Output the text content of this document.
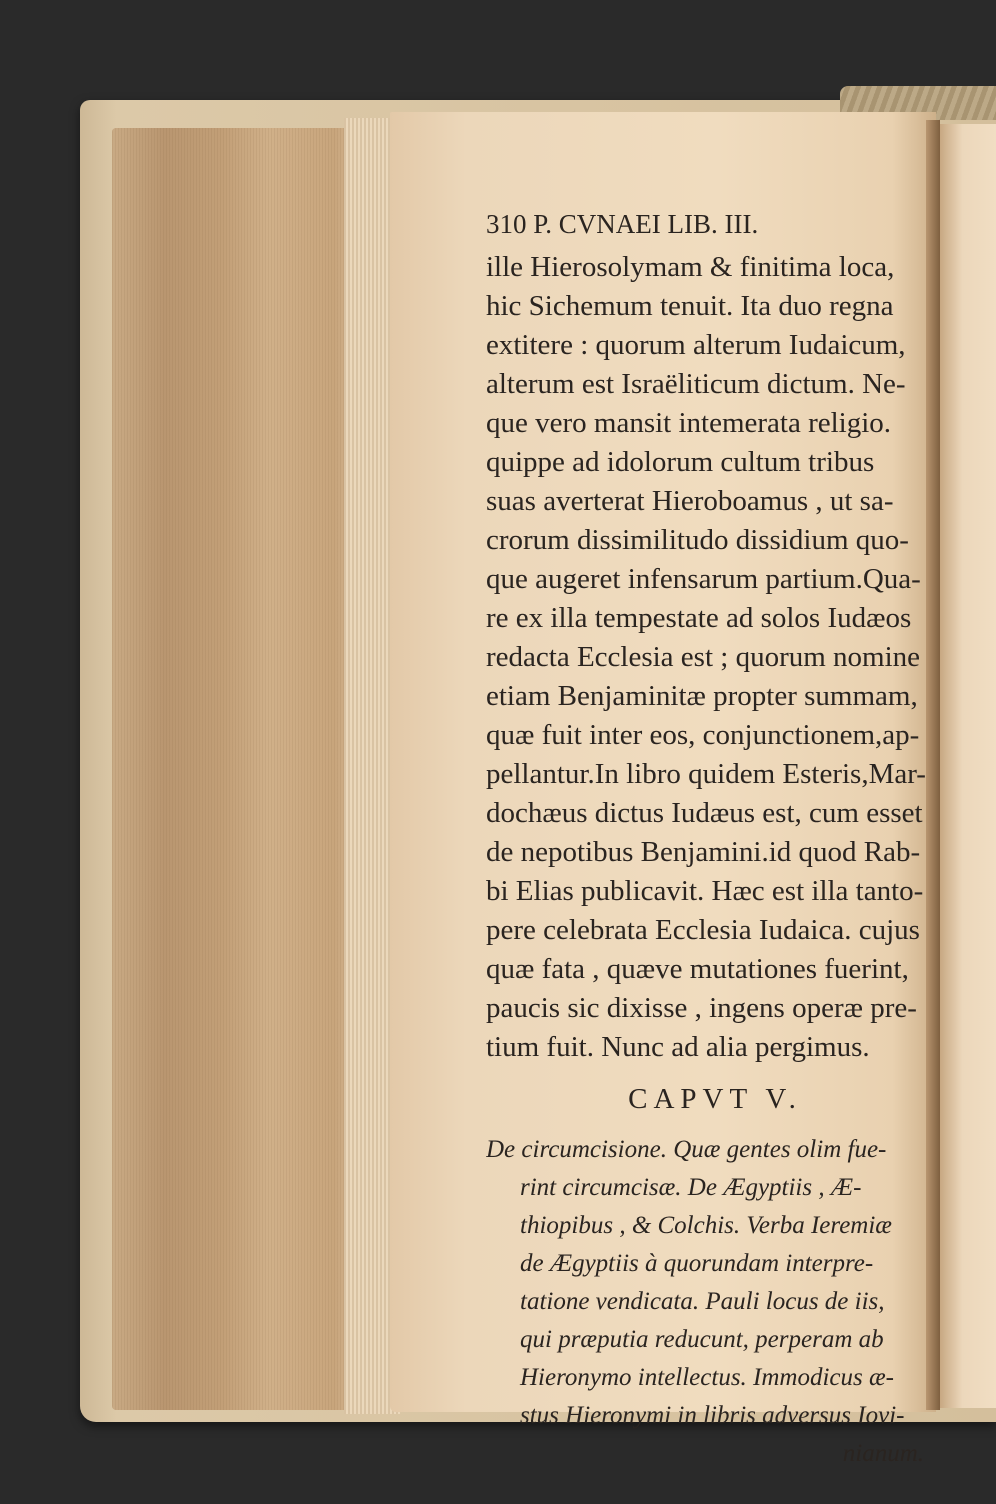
310 P. CVNAEI LIB. III.
ille Hierosolymam & finitima loca,
hic Sichemum tenuit. Ita duo regna
extitere : quorum alterum Iudaicum,
alterum est Israëliticum dictum. Ne-
que vero mansit intemerata religio.
quippe ad idolorum cultum tribus
suas averterat Hieroboamus , ut sa-
crorum dissimilitudo dissidium quo-
que augeret infensarum partium.Qua-
re ex illa tempestate ad solos Iudæos
redacta Ecclesia est ; quorum nomine
etiam Benjaminitæ propter summam,
quæ fuit inter eos, conjunctionem,ap-
pellantur.In libro quidem Esteris,Mar-
dochæus dictus Iudæus est, cum esset
de nepotibus Benjamini.id quod Rab-
bi Elias publicavit. Hæc est illa tanto-
pere celebrata Ecclesia Iudaica. cujus
quæ fata , quæve mutationes fuerint,
paucis sic dixisse , ingens operæ pre-
tium fuit. Nunc ad alia pergimus.
CAPVT V.
De circumcisione. Quæ gentes olim fue-
rint circumcisæ. De Ægyptiis , Æ-
thiopibus , & Colchis. Verba Ieremiæ
de Ægyptiis à quorundam interpre-
tatione vendicata. Pauli locus de iis,
qui præputia reducunt, perperam ab
Hieronymo intellectus. Immodicus æ-
stus Hieronymi in libris adversus Iovi-
nianum.
